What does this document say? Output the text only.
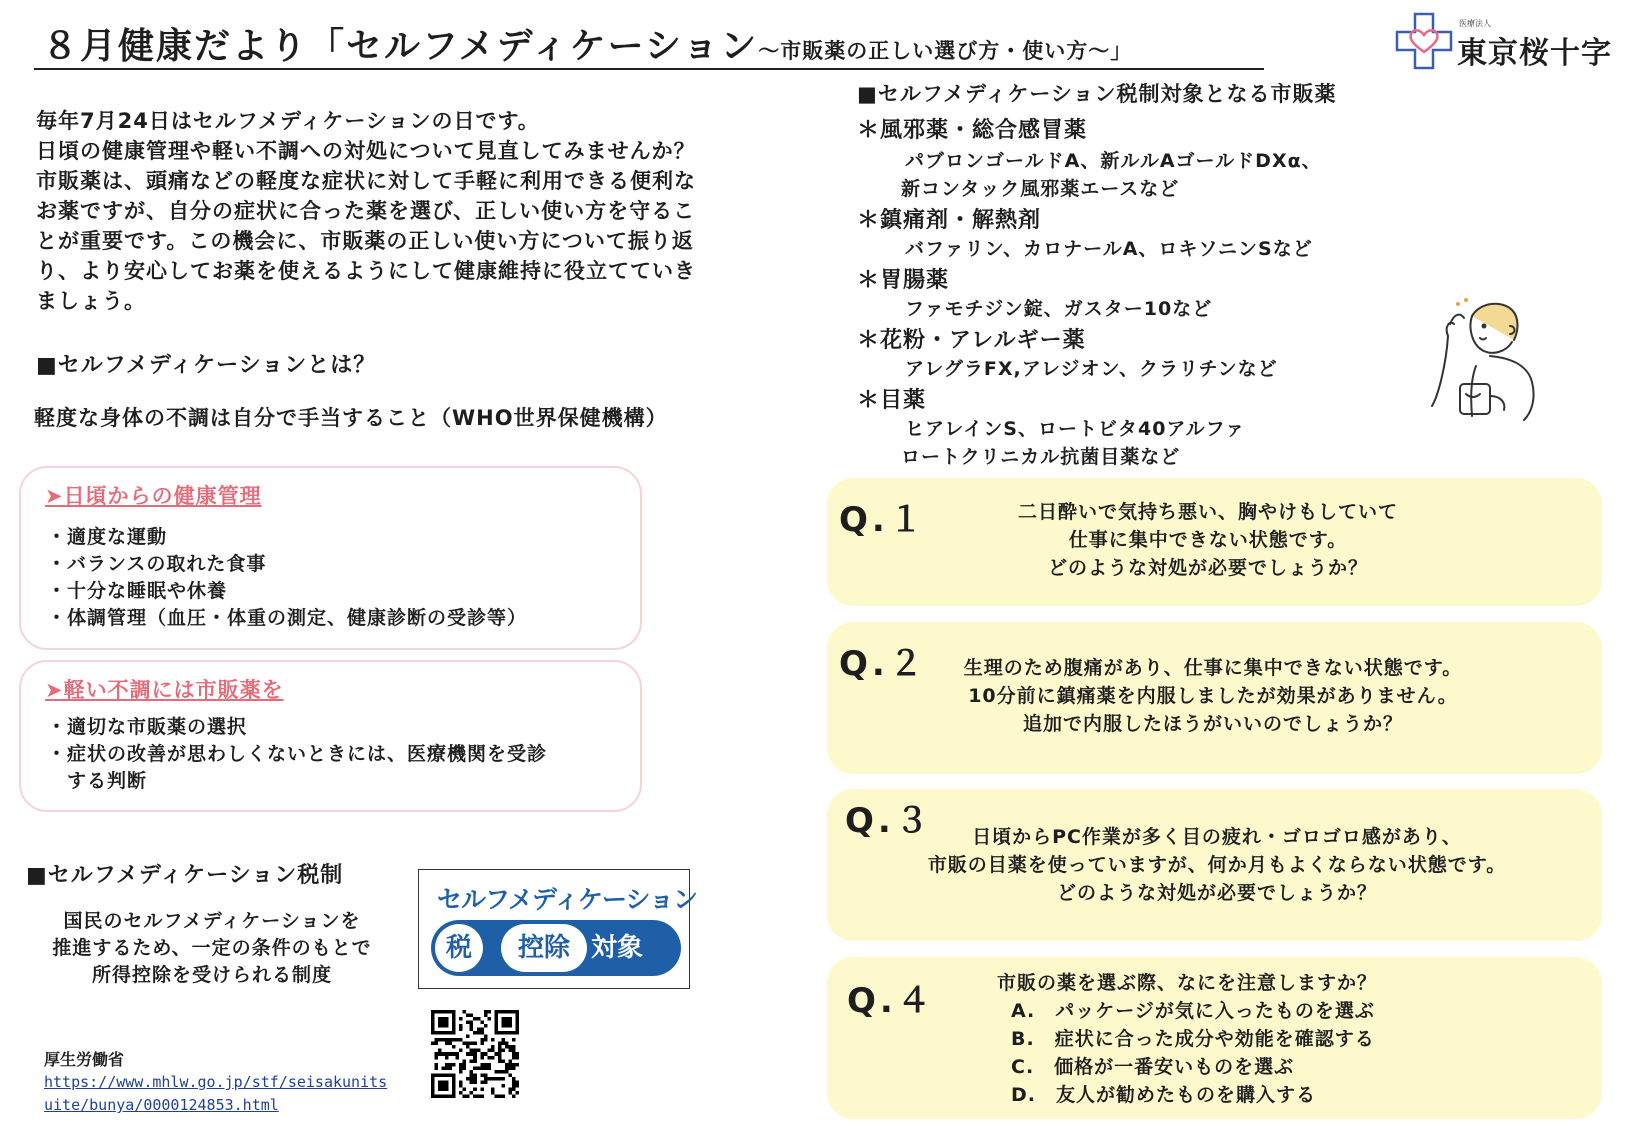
８月健康だより「セルフメディケーション～市販薬の正しい選び方・使い方～」
医療法人
東京桜十字

毎年7月24日はセルフメディケーションの日です。

日頃の健康管理や軽い不調への対処について見直してみませんか？

市販薬は、頭痛などの軽度な症状に対して手軽に利用できる便利な

お薬ですが、自分の症状に合った薬を選び、正しい使い方を守るこ

とが重要です。この機会に、市販薬の正しい使い方について振り返

り、より安心してお薬を使えるようにして健康維持に役立てていき

ましょう。

■セルフメディケーションとは？
軽度な身体の不調は自分で手当すること（WHO世界保健機構）
➤日頃からの健康管理
・適度な運動
・バランスの取れた食事
・十分な睡眠や休養
・体調管理（血圧・体重の測定、健康診断の受診等）
➤軽い不調には市販薬を
・適切な市販薬の選択
・症状の改善が思わしくないときには、医療機関を受診
　する判断
■セルフメディケーション税制

国民のセルフメディケーションを

推進するため、一定の条件のもとで

所得控除を受けられる制度

セルフメディケーション
税	控除 対象
厚生労働省
https://www.mhlw.go.jp/stf/seisakunits
uite/bunya/0000124853.html
■セルフメディケーション税制対象となる市販薬
＊風邪薬・総合感冒薬
パブロンゴールドA、新ルルAゴールドDXα、
新コンタック風邪薬エースなど
＊鎮痛剤・解熱剤
バファリン、カロナールA、ロキソニンSなど
＊胃腸薬
ファモチジン錠、ガスター10など
＊花粉・アレルギー薬
アレグラFX,アレジオン、クラリチンなど
＊目薬
ヒアレインS、ロートビタ40アルファ
ロートクリニカル抗菌目薬など
Q.１	二日酔いで気持ち悪い、胸やけもしていて

仕事に集中できない状態です。

どのような対処が必要でしょうか？

Q.２	生理のため腹痛があり、仕事に集中できない状態です。

10分前に鎮痛薬を内服しましたが効果がありません。

追加で内服したほうがいいのでしょうか？

Q.３	日頃からPC作業が多く目の疲れ・ゴロゴロ感があり、

市販の目薬を使っていますが、何か月もよくならない状態です。

どのような対処が必要でしょうか？

Q.４	市販の薬を選ぶ際、なにを注意しますか？

A.　パッケージが気に入ったものを選ぶ

B.　症状に合った成分や効能を確認する

C.　価格が一番安いものを選ぶ

D.　友人が勧めたものを購入する
